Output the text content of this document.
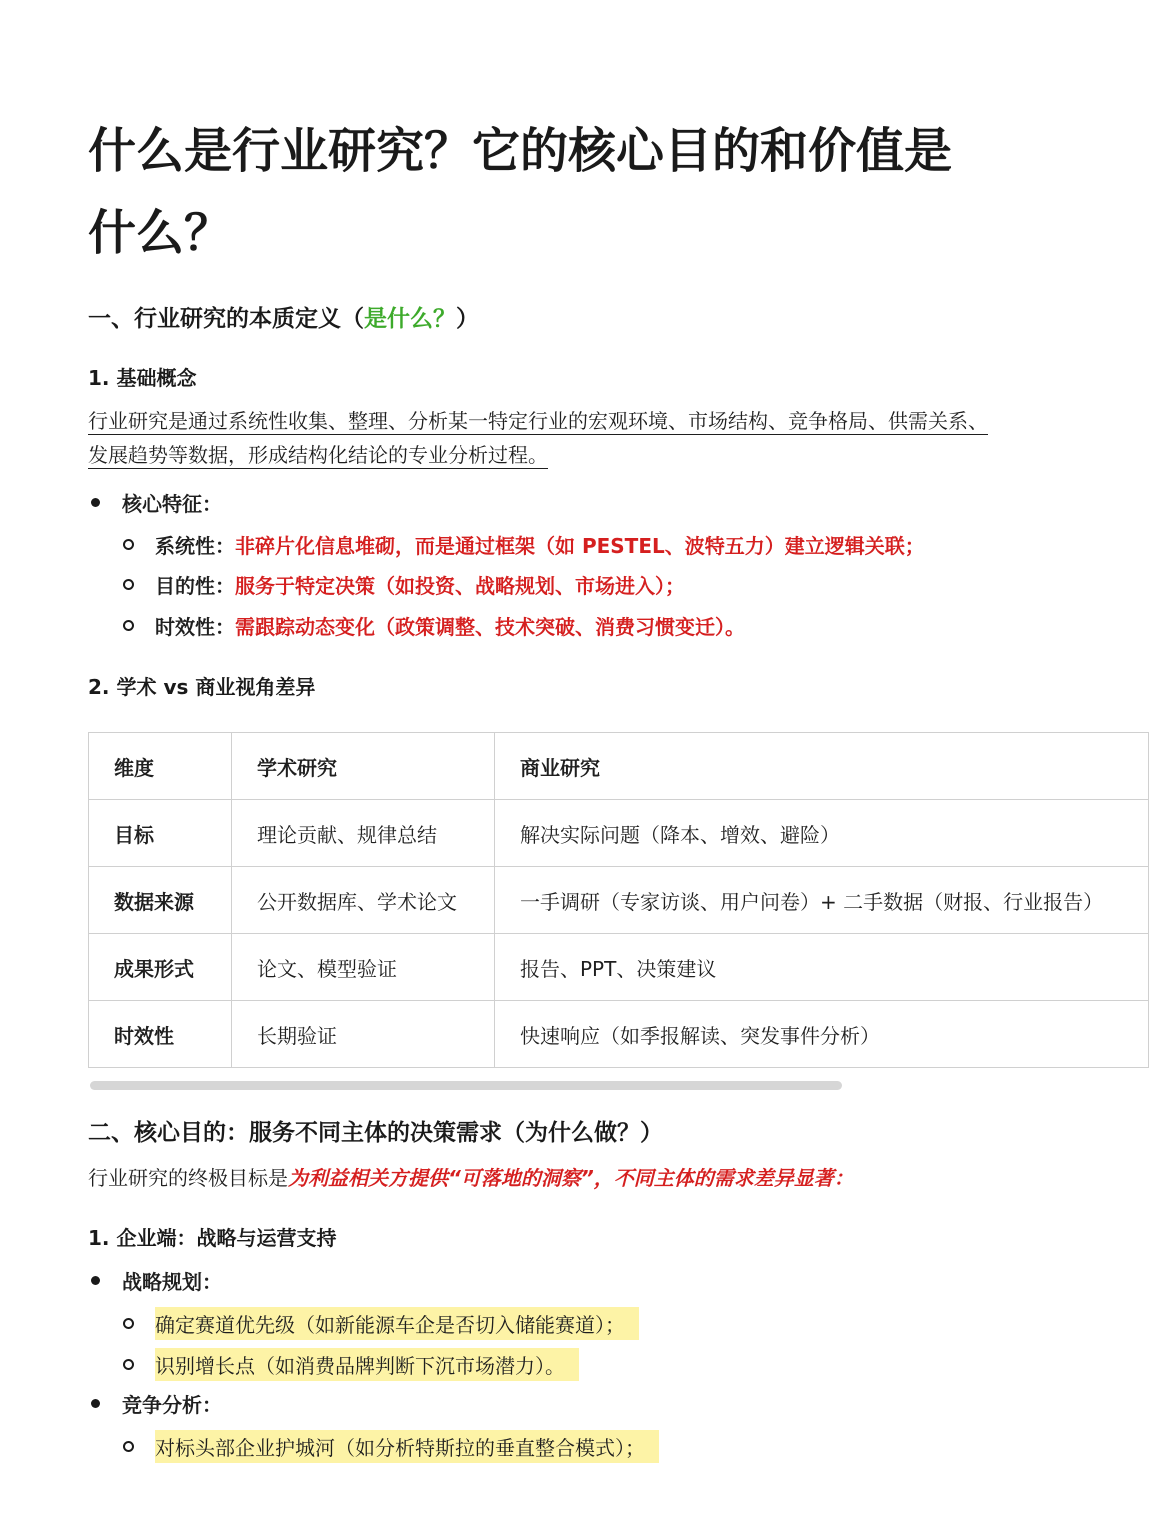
什么是行业研究？它的核心目的和价值是什么？
一、行业研究的本质定义（是什么？）
1. 基础概念

行业研究是通过系统性收集、整理、分析某一特定行业的宏观环境、市场结构、竞争格局、供需关系、发展趋势等数据，形成结构化结论的专业分析过程。

核心特征：
系统性： 非碎片化信息堆砌，而是通过框架（如 PESTEL、波特五力）建立逻辑关联；
目的性： 服务于特定决策（如投资、战略规划、市场进入）；
时效性： 需跟踪动态变化（政策调整、技术突破、消费习惯变迁）。
2. 学术 vs 商业视角差异
维度	学术研究	商业研究
目标	理论贡献、规律总结	解决实际问题（降本、增效、避险）
数据来源	公开数据库、学术论文	一手调研（专家访谈、用户问卷）+ 二手数据（财报、行业报告）
成果形式	论文、模型验证	报告、PPT、决策建议
时效性	长期验证	快速响应（如季报解读、突发事件分析）
二、核心目的：服务不同主体的决策需求（为什么做？）

行业研究的终极目标是为利益相关方提供“可落地的洞察”，不同主体的需求差异显著：

1. 企业端：战略与运营支持
战略规划：
确定赛道优先级（如新能源车企是否切入储能赛道）；
识别增长点（如消费品牌判断下沉市场潜力）。
竞争分析：
对标头部企业护城河（如分析特斯拉的垂直整合模式）；
